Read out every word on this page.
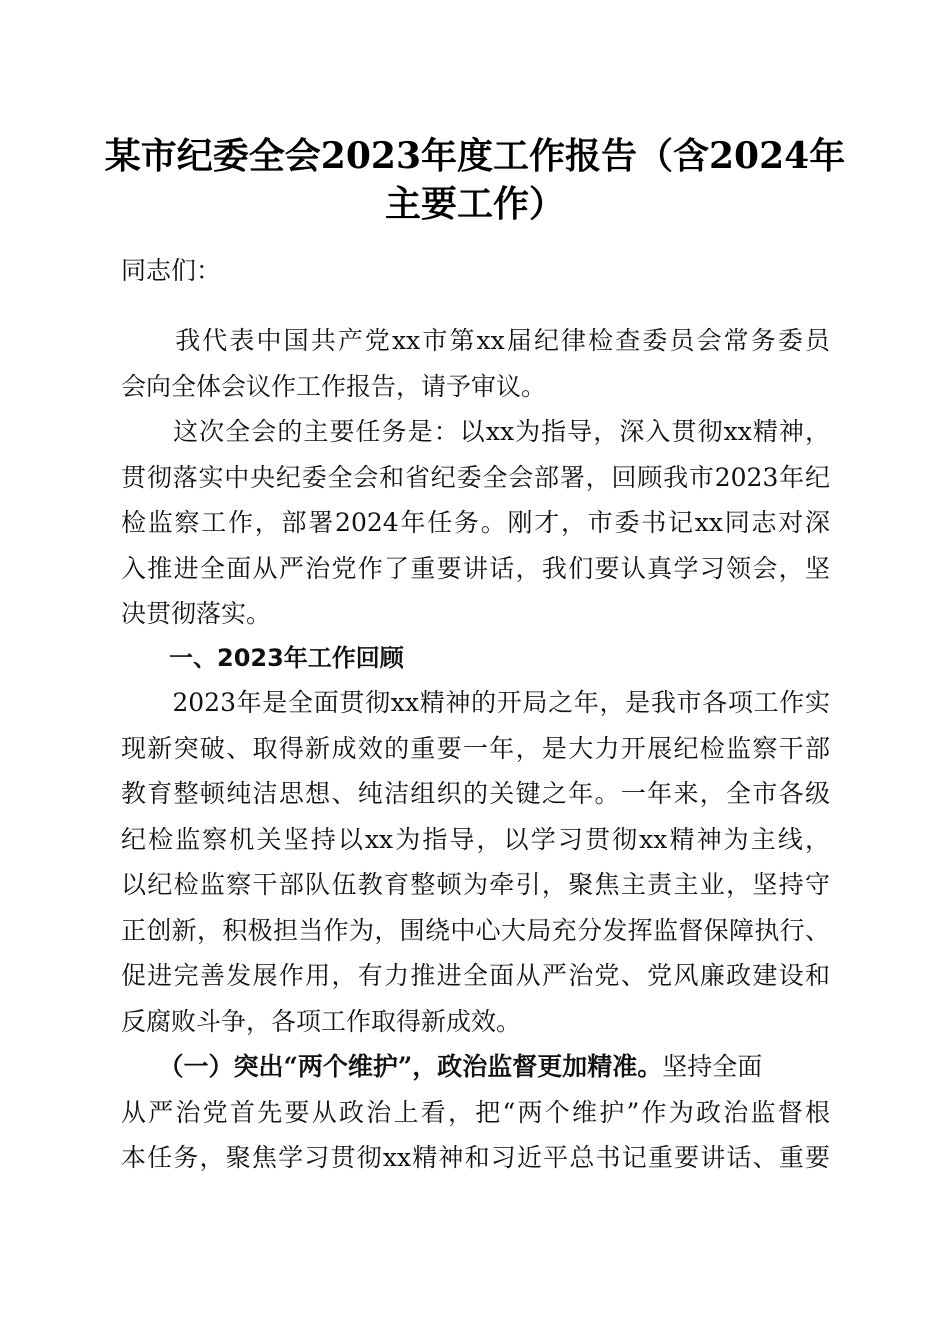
某市纪委全会2023年度工作报告（含2024年
主要工作）
同志们：
　　我代表中国共产党xx市第xx届纪律检查委员会常务委员
会向全体会议作工作报告，请予审议。
　　这次全会的主要任务是：以xx为指导，深入贯彻xx精神，
贯彻落实中央纪委全会和省纪委全会部署，回顾我市2023年纪
检监察工作，部署2024年任务。刚才，市委书记xx同志对深
入推进全面从严治党作了重要讲话，我们要认真学习领会，坚
决贯彻落实。
　　一、2023年工作回顾
　　2023年是全面贯彻xx精神的开局之年，是我市各项工作实
现新突破、取得新成效的重要一年，是大力开展纪检监察干部
教育整顿纯洁思想、纯洁组织的关键之年。一年来，全市各级
纪检监察机关坚持以xx为指导，以学习贯彻xx精神为主线，
以纪检监察干部队伍教育整顿为牵引，聚焦主责主业，坚持守
正创新，积极担当作为，围绕中心大局充分发挥监督保障执行、
促进完善发展作用，有力推进全面从严治党、党风廉政建设和
反腐败斗争，各项工作取得新成效。
　　（一）突出“两个维护”，政治监督更加精准。坚持全面
从严治党首先要从政治上看，把“两个维护”作为政治监督根
本任务，聚焦学习贯彻xx精神和习近平总书记重要讲话、重要
